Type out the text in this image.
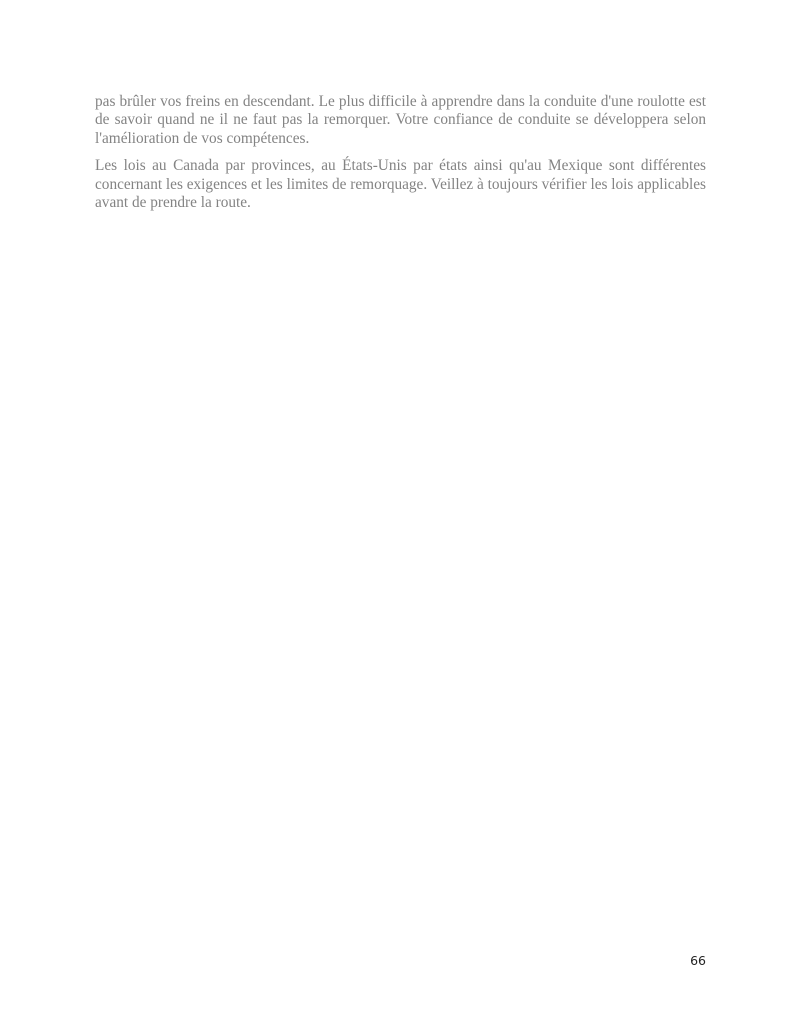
pas brûler vos freins en descendant. Le plus difficile à apprendre dans la conduite d'une roulotte est de savoir quand ne il ne faut pas la remorquer. Votre confiance de conduite se développera selon l'amélioration de vos compétences.

Les lois au Canada par provinces, au États-Unis par états ainsi qu'au Mexique sont différentes concernant les exigences et les limites de remorquage. Veillez à toujours vérifier les lois applicables avant de prendre la route.

66
